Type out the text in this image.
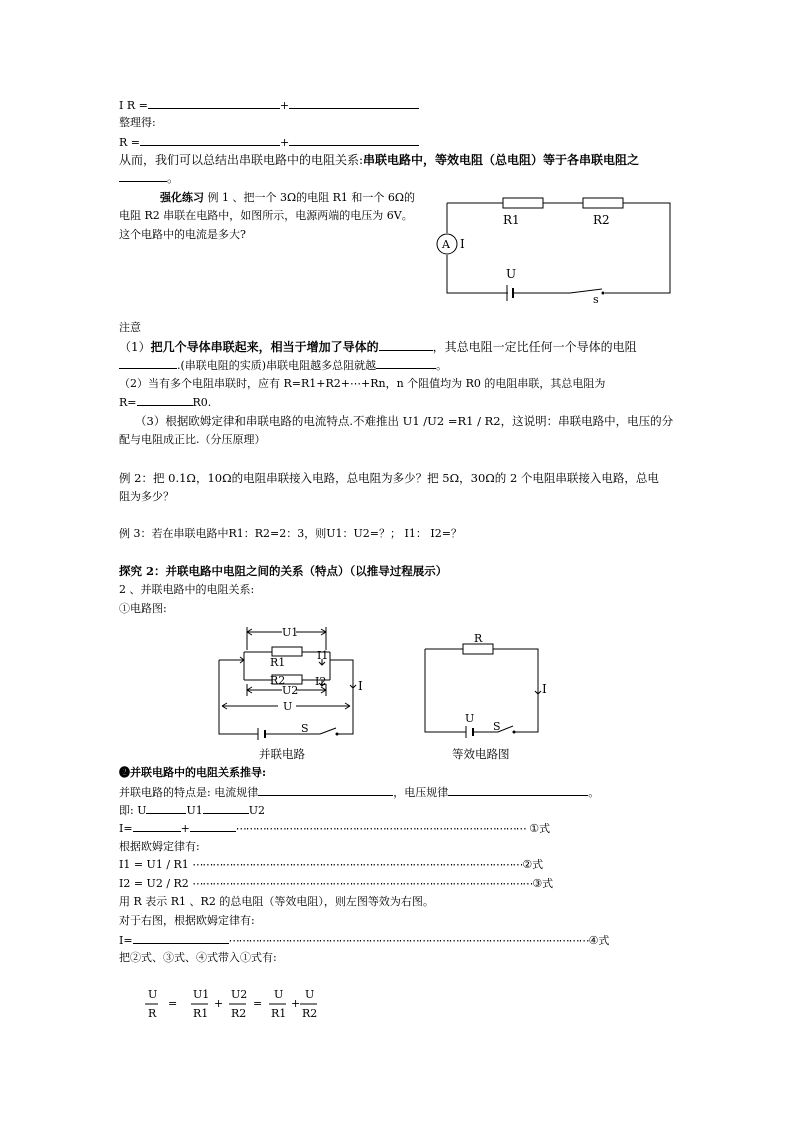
I R =	+
整理得:
R =	+
从而，我们可以总结出串联电路中的电阻关系:串联电路中，等效电阻（总电阻）等于各串联电阻之
。
强化练习 例 1 、把一个 3Ω的电阻 R1 和一个 6Ω的
电阻 R2 串联在电路中，如图所示，电源两端的电压为 6V。
这个电路中的电流是多大?
R1	R2
A I
U
s
注意
（1）把几个导体串联起来，相当于增加了导体的	，其总电阻一定比任何一个导体的电阻
.(串联电阻的实质)串联电阻越多总阻就越	。
（2）当有多个电阻串联时，应有 R=R1+R2+⋯+Rn，n 个阻值均为 R0 的电阻串联，其总电阻为
R=	R0.
（3）根据欧姆定律和串联电路的电流特点.不难推出 U1 /U2 =R1 / R2，这说明：串联电路中，电压的分
配与电阻成正比.（分压原理）
例 2：把 0.1Ω，10Ω的电阻串联接入电路，总电阻为多少？把 5Ω，30Ω的 2 个电阻串联接入电路，总电
阻为多少？
例 3：若在串联电路中R1：R2=2：3，则U1：U2=？； I1： I2=？
探究 2：并联电路中电阻之间的关系（特点）（以推导过程展示）
2 、并联电路中的电阻关系:
①电路图:
U1
R1
I1
R2	I2
U2
U
I
S
并联电路
R
I
U
S
等效电路图
❷并联电路中的电阻关系推导:
并联电路的特点是: 电流规律	，电压规律	。
即: U	U1	U2
I=	+	⋯⋯⋯⋯⋯⋯⋯⋯⋯⋯⋯⋯⋯⋯⋯⋯⋯⋯⋯⋯⋯⋯⋯⋯⋯⋯⋯⋯⋯ ①式
根据欧姆定律有:
I1 = U1 / R1 ⋯⋯⋯⋯⋯⋯⋯⋯⋯⋯⋯⋯⋯⋯⋯⋯⋯⋯⋯⋯⋯⋯⋯⋯⋯⋯⋯⋯⋯⋯⋯⋯⋯②式
I2 = U2 / R2 ⋯⋯⋯⋯⋯⋯⋯⋯⋯⋯⋯⋯⋯⋯⋯⋯⋯⋯⋯⋯⋯⋯⋯⋯⋯⋯⋯⋯⋯⋯⋯⋯⋯⋯③式
用 R 表示 R1 、R2 的总电阻（等效电阻），则左图等效为右图。
对于右图，根据欧姆定律有:
I=	⋯⋯⋯⋯⋯⋯⋯⋯⋯⋯⋯⋯⋯⋯⋯⋯⋯⋯⋯⋯⋯⋯⋯⋯⋯⋯⋯⋯⋯⋯⋯⋯⋯⋯⋯⋯④式
把②式、③式、④式带入①式有:
U
R
=
U1
R1
+
U2
R2
=
U
R1
+
U
R2
